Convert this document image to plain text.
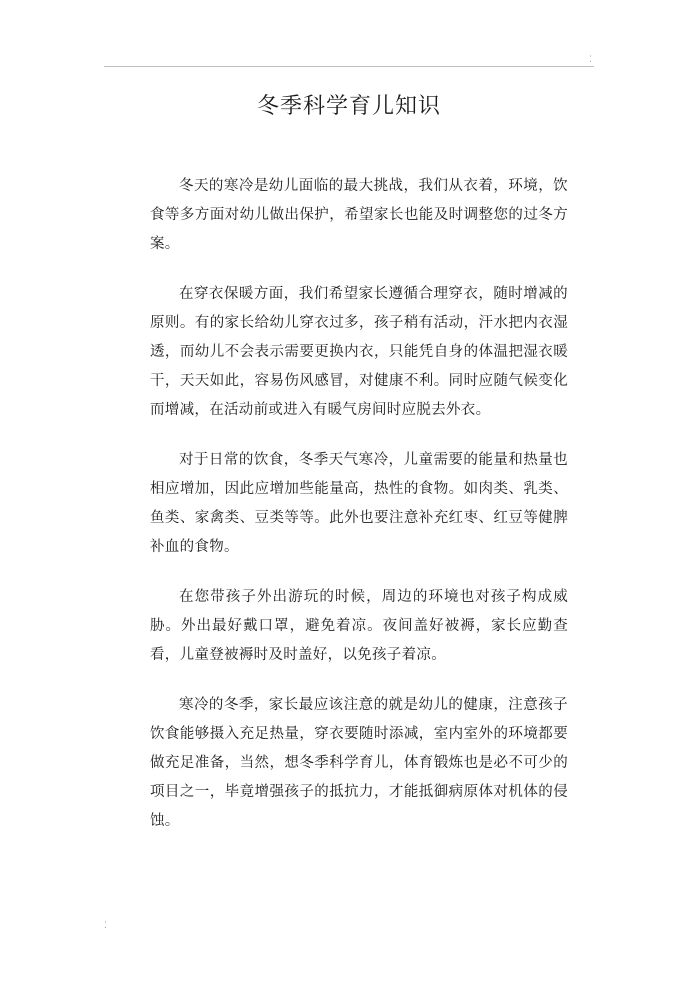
⁚
⁚
冬季科学育儿知识

冬天的寒冷是幼儿面临的最大挑战，我们从衣着，环境，饮食等多方面对幼儿做出保护，希望家长也能及时调整您的过冬方案。

在穿衣保暖方面，我们希望家长遵循合理穿衣，随时增减的原则。有的家长给幼儿穿衣过多，孩子稍有活动，汗水把内衣湿透，而幼儿不会表示需要更换内衣，只能凭自身的体温把湿衣暖干，天天如此，容易伤风感冒，对健康不利。同时应随气候变化而增减，在活动前或进入有暖气房间时应脱去外衣。

对于日常的饮食，冬季天气寒冷，儿童需要的能量和热量也相应增加，因此应增加些能量高，热性的食物。如肉类、乳类、鱼类、家禽类、豆类等等。此外也要注意补充红枣、红豆等健脾补血的食物。

在您带孩子外出游玩的时候，周边的环境也对孩子构成威胁。外出最好戴口罩，避免着凉。夜间盖好被褥，家长应勤查看，儿童登被褥时及时盖好，以免孩子着凉。

寒冷的冬季，家长最应该注意的就是幼儿的健康，注意孩子饮食能够摄入充足热量，穿衣要随时添减，室内室外的环境都要做充足准备，当然，想冬季科学育儿，体育锻炼也是必不可少的项目之一，毕竟增强孩子的抵抗力，才能抵御病原体对机体的侵蚀。
